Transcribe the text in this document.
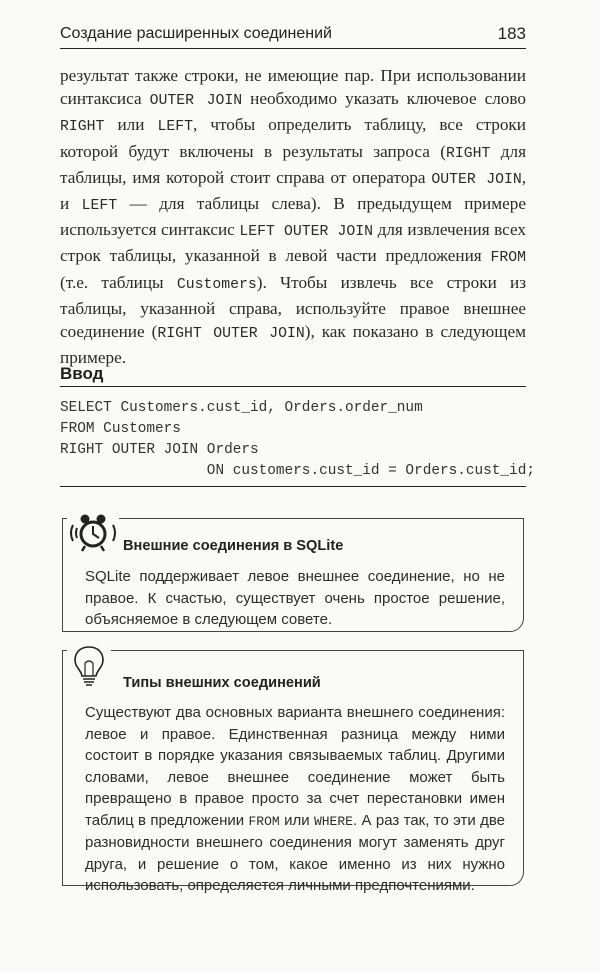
Создание расширенных соединений	183

результат также строки, не имеющие пар. При использовании синтаксиса OUTER JOIN необходимо указать ключевое слово RIGHT или LEFT, чтобы определить таблицу, все строки которой будут включены в результаты запроса (RIGHT для таблицы, имя которой стоит справа от оператора OUTER JOIN, и LEFT — для таблицы слева). В предыдущем примере используется синтаксис LEFT OUTER JOIN для извлечения всех строк таблицы, указанной в левой части предложения FROM (т.е. таблицы Customers). Чтобы извлечь все строки из таблицы, указанной справа, используйте правое внешнее соединение (RIGHT OUTER JOIN), как показано в следующем примере.

Ввод
SELECT Customers.cust_id, Orders.order_num
FROM Customers
RIGHT OUTER JOIN Orders
ON customers.cust_id = Orders.cust_id;
Внешние соединения в SQLite
SQLite поддерживает левое внешнее соединение, но не правое. К счастью, существует очень простое решение, объясняемое в следующем совете.
Типы внешних соединений
Существуют два основных варианта внешнего соединения: левое и правое. Единственная разница между ними состоит в порядке указания связываемых таблиц. Другими словами, левое внешнее соединение может быть превращено в правое просто за счет перестановки имен таблиц в предложении FROM или WHERE. А раз так, то эти две разновидности внешнего соединения могут заменять друг друга, и решение о том, какое именно из них нужно использовать, определяется личными предпочтениями.
